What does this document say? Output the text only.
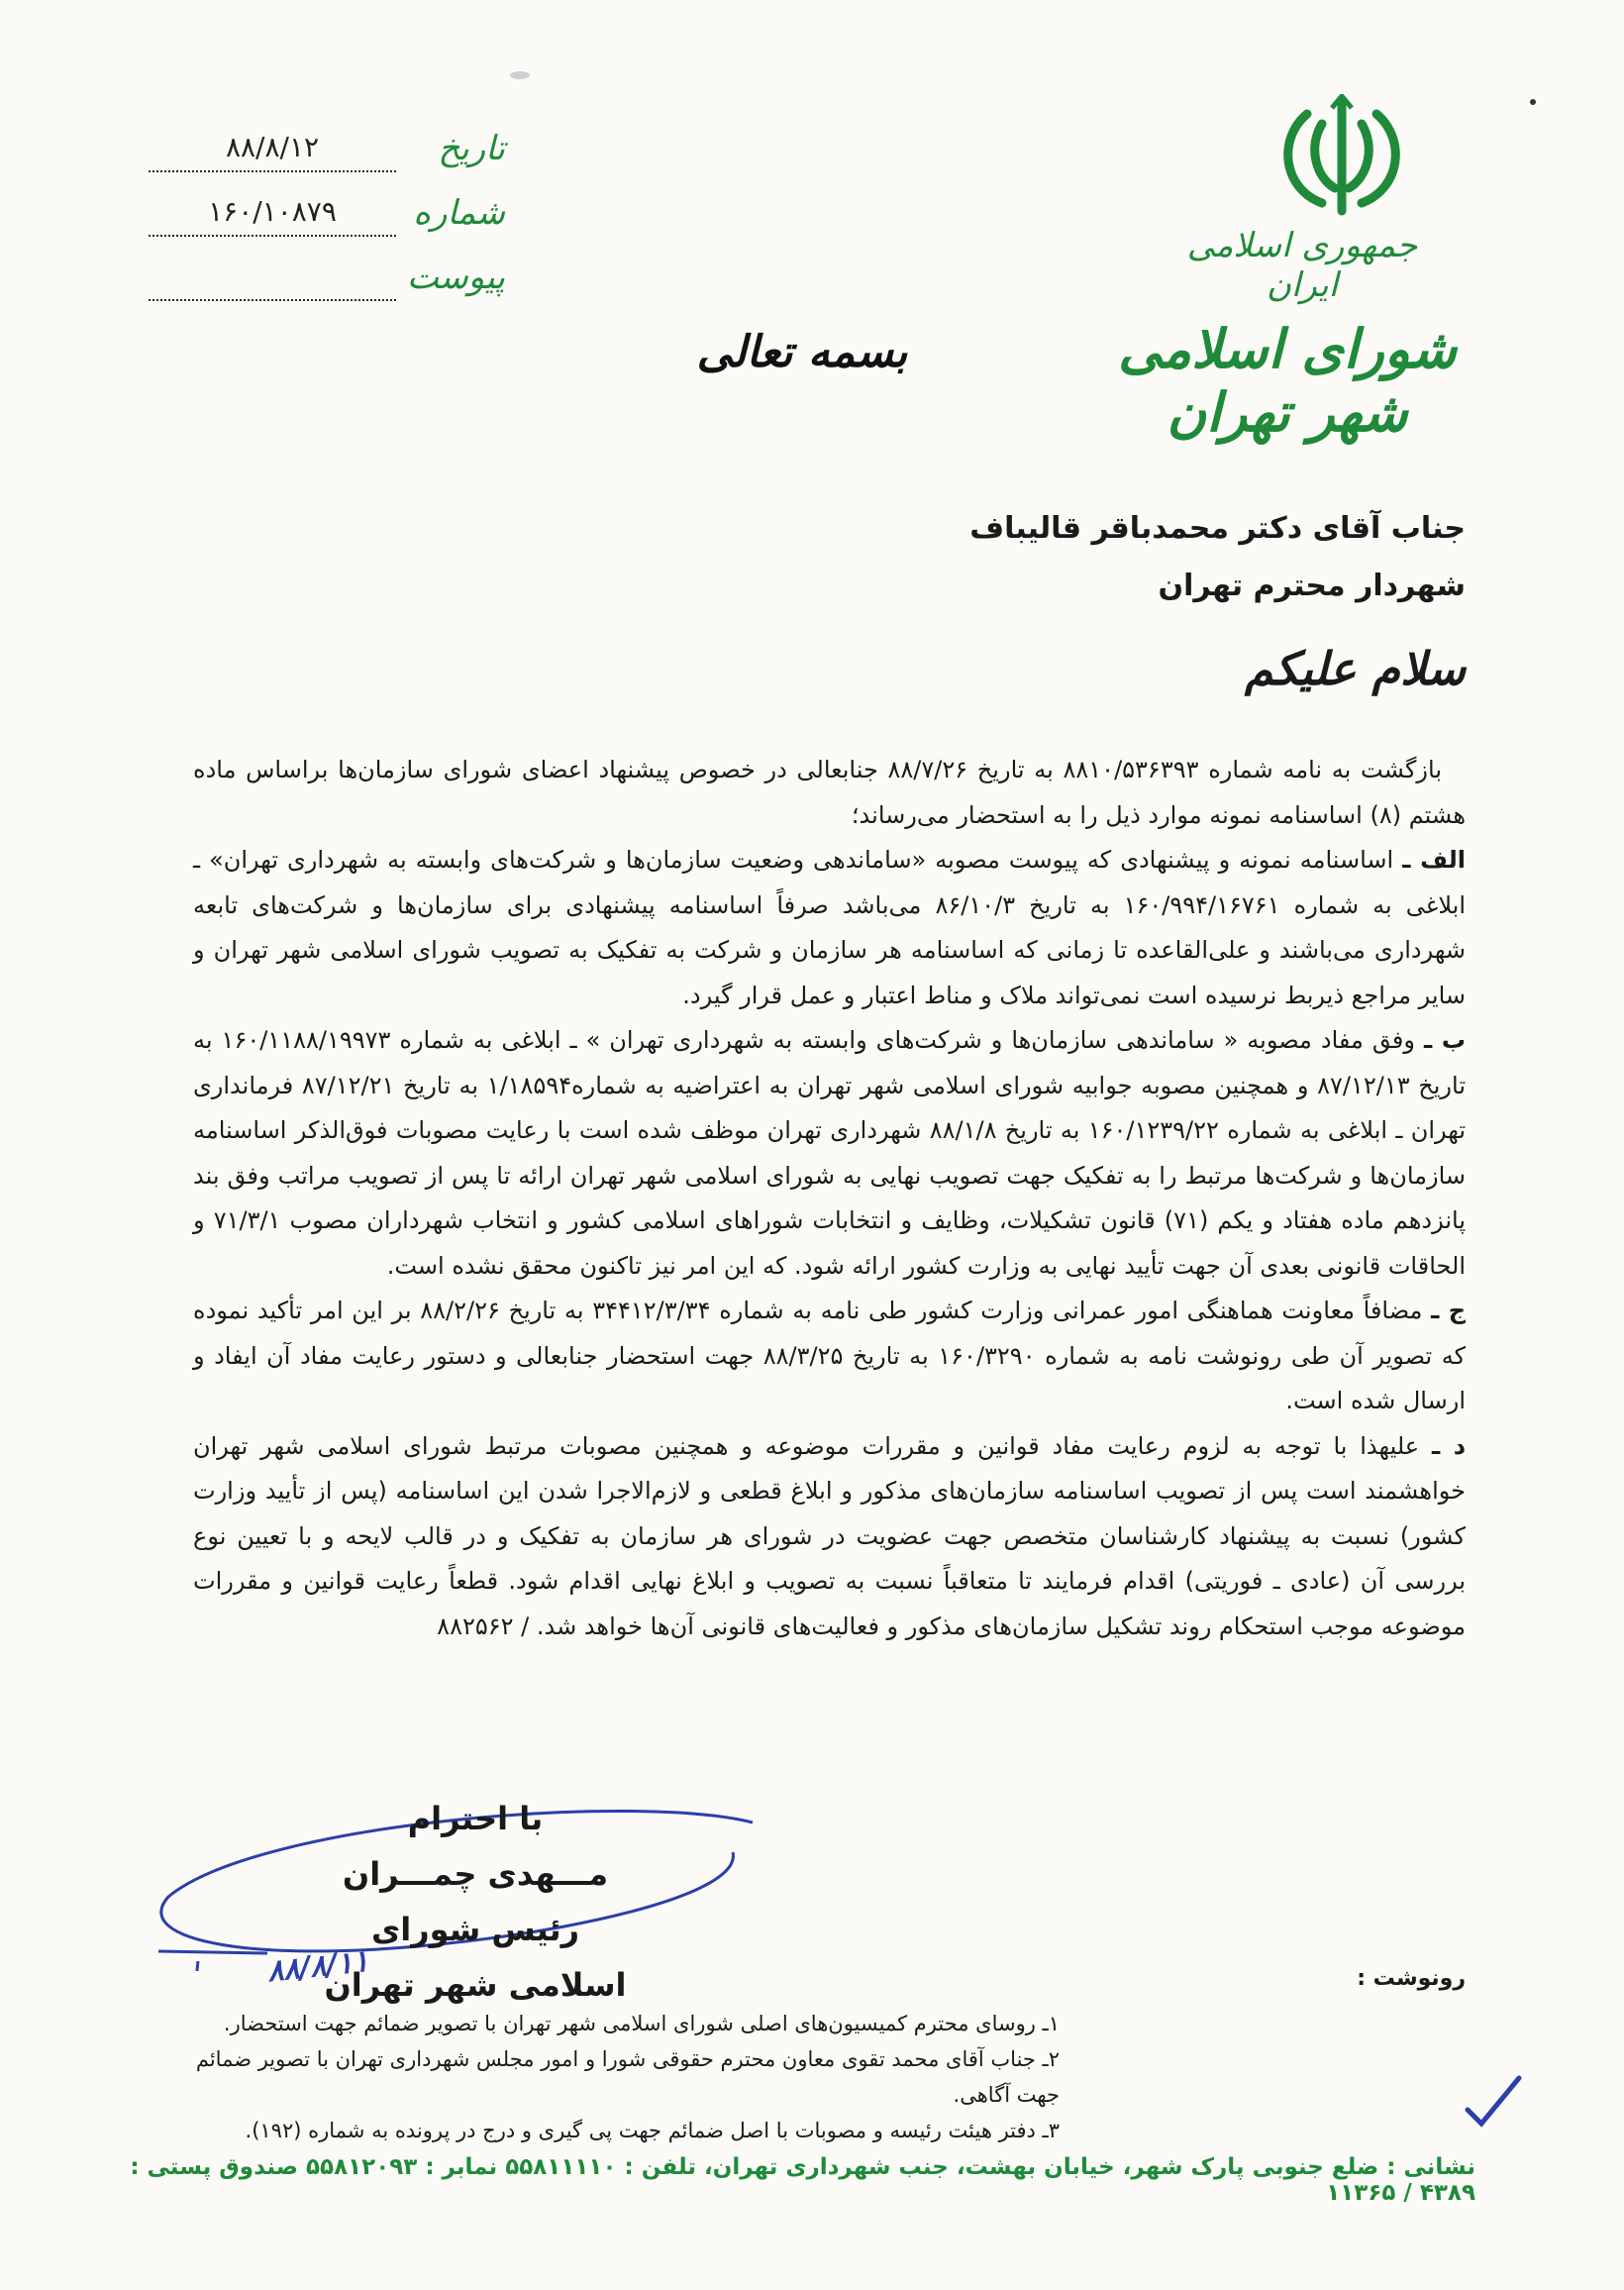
جمهوری اسلامی ایران
شورای اسلامی شهر تهران
بسمه تعالی
تاریخ
۸۸/۸/۱۲
شماره
۱۶۰/۱۰۸۷۹
پیوست
جناب آقای دکتر محمدباقر قالیباف
شهردار محترم تهران
سلام علیکم

 بازگشت به نامه شماره ۸۸۱۰/۵۳۶۳۹۳ به تاریخ ۸۸/۷/۲۶ جنابعالی در خصوص پیشنهاد اعضای شورای سازمان‌ها براساس ماده هشتم (۸) اساسنامه نمونه موارد ذیل را به استحضار می‌رساند؛

الف ـ اساسنامه نمونه و پیشنهادی که پیوست مصوبه «ساماندهی وضعیت سازمان‌ها و شرکت‌های وابسته به شهرداری تهران» ـ ابلاغی به شماره ۱۶۰/۹۹۴/۱۶۷۶۱ به تاریخ ۸۶/۱۰/۳ می‌باشد صرفاً اساسنامه پیشنهادی برای سازمان‌ها و شرکت‌های تابعه شهرداری می‌باشند و علی‌القاعده تا زمانی که اساسنامه هر سازمان و شرکت به تفکیک به تصویب شورای اسلامی شهر تهران و سایر مراجع ذیربط نرسیده است نمی‌تواند ملاک و مناط اعتبار و عمل قرار گیرد.

ب ـ وفق مفاد مصوبه « ساماندهی سازمان‌ها و شرکت‌های وابسته به شهرداری تهران » ـ ابلاغی به شماره ۱۶۰/۱۱۸۸/۱۹۹۷۳ به تاریخ ۸۷/۱۲/۱۳ و همچنین مصوبه جوابیه شورای اسلامی شهر تهران به اعتراضیه به شماره۱/۱۸۵۹۴ به تاریخ ۸۷/۱۲/۲۱ فرمانداری تهران ـ ابلاغی به شماره ۱۶۰/۱۲۳۹/۲۲ به تاریخ ۸۸/۱/۸ شهرداری تهران موظف شده است با رعایت مصوبات فوق‌الذکر اساسنامه سازمان‌ها و شرکت‌ها مرتبط را به تفکیک جهت تصویب نهایی به شورای اسلامی شهر تهران ارائه تا پس از تصویب مراتب وفق بند پانزدهم ماده هفتاد و یکم (۷۱) قانون تشکیلات، وظایف و انتخابات شوراهای اسلامی کشور و انتخاب شهرداران مصوب ۷۱/۳/۱ و الحاقات قانونی بعدی آن جهت تأیید نهایی به وزارت کشور ارائه شود. که این امر نیز تاکنون محقق نشده است.

ج ـ مضافاً معاونت هماهنگی امور عمرانی وزارت کشور طی نامه به شماره ۳۴۴۱۲/۳/۳۴ به تاریخ ۸۸/۲/۲۶ بر این امر تأکید نموده که تصویر آن طی رونوشت نامه به شماره ۱۶۰/۳۲۹۰ به تاریخ ۸۸/۳/۲۵ جهت استحضار جنابعالی و دستور رعایت مفاد آن ایفاد و ارسال شده است.

د ـ علیهذا با توجه به لزوم رعایت مفاد قوانین و مقررات موضوعه و همچنین مصوبات مرتبط شورای اسلامی شهر تهران خواهشمند است پس از تصویب اساسنامه سازمان‌های مذکور و ابلاغ قطعی و لازم‌الاجرا شدن این اساسنامه (پس از تأیید وزارت کشور) نسبت به پیشنهاد کارشناسان متخصص جهت عضویت در شورای هر سازمان به تفکیک و در قالب لایحه و با تعیین نوع بررسی آن (عادی ـ فوریتی) اقدام فرمایند تا متعاقباً نسبت به تصویب و ابلاغ نهایی اقدام شود. قطعاً رعایت قوانین و مقررات موضوعه موجب استحکام روند تشکیل سازمان‌های مذکور و فعالیت‌های قانونی آن‌ها خواهد شد. / ۸۸۲۵۶۲

با احترام
مـــهدی چمـــران
رئیس شورای اسلامی شهر تهران
۸۸/۸/۱۱	رونوشت :
۱ـ روسای محترم کمیسیون‌های اصلی شورای اسلامی شهر تهران با تصویر ضمائم جهت استحضار.
۲ـ جناب آقای محمد تقوی معاون محترم حقوقی شورا و امور مجلس شهرداری تهران با تصویر ضمائم جهت آگاهی.
۳ـ دفتر هیئت رئیسه و مصوبات با اصل ضمائم جهت پی گیری و درج در پرونده به شماره (۱۹۲).
نشانی : ضلع جنوبی پارک شهر، خیابان بهشت، جنب شهرداری تهران، تلفن : ۵۵۸۱۱۱۱۰ نمابر : ۵۵۸۱۲۰۹۳ صندوق پستی : ۴۳۸۹ / ۱۱۳۶۵
